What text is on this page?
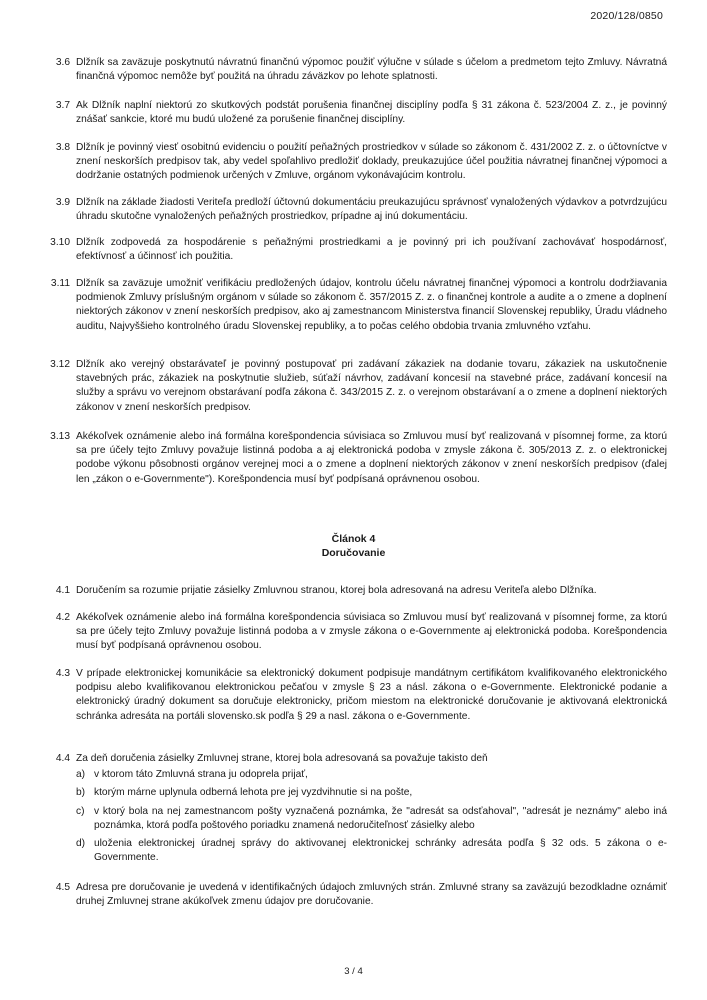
2020/128/0850
3.6 Dlžník sa zaväzuje poskytnutú návratnú finančnú výpomoc použiť výlučne v súlade s účelom a predmetom tejto Zmluvy. Návratná finančná výpomoc nemôže byť použitá na úhradu záväzkov po lehote splatnosti.
3.7 Ak Dlžník naplní niektorú zo skutkových podstát porušenia finančnej disciplíny podľa § 31 zákona č. 523/2004 Z. z., je povinný znášať sankcie, ktoré mu budú uložené za porušenie finančnej disciplíny.
3.8 Dlžník je povinný viesť osobitnú evidenciu o použití peňažných prostriedkov v súlade so zákonom č. 431/2002 Z. z. o účtovníctve v znení neskorších predpisov tak, aby vedel spoľahlivo predložiť doklady, preukazujúce účel použitia návratnej finančnej výpomoci a dodržanie ostatných podmienok určených v Zmluve, orgánom vykonávajúcim kontrolu.
3.9 Dlžník na základe žiadosti Veriteľa predloží účtovnú dokumentáciu preukazujúcu správnosť vynaložených výdavkov a potvrdzujúcu úhradu skutočne vynaložených peňažných prostriedkov, prípadne aj inú dokumentáciu.
3.10 Dlžník zodpovedá za hospodárenie s peňažnými prostriedkami a je povinný pri ich používaní zachovávať hospodárnosť, efektívnosť a účinnosť ich použitia.
3.11 Dlžník sa zaväzuje umožniť verifikáciu predložených údajov, kontrolu účelu návratnej finančnej výpomoci a kontrolu dodržiavania podmienok Zmluvy príslušným orgánom v súlade so zákonom č. 357/2015 Z. z. o finančnej kontrole a audite a o zmene a doplnení niektorých zákonov v znení neskorších predpisov, ako aj zamestnancom Ministerstva financií Slovenskej republiky, Úradu vládneho auditu, Najvyššieho kontrolného úradu Slovenskej republiky, a to počas celého obdobia trvania zmluvného vzťahu.
3.12 Dlžník ako verejný obstarávateľ je povinný postupovať pri zadávaní zákaziek na dodanie tovaru, zákaziek na uskutočnenie stavebných prác, zákaziek na poskytnutie služieb, súťaží návrhov, zadávaní koncesií na stavebné práce, zadávaní koncesií na služby a správu vo verejnom obstarávaní podľa zákona č. 343/2015 Z. z. o verejnom obstarávaní a o zmene a doplnení niektorých zákonov v znení neskorších predpisov.
3.13 Akékoľvek oznámenie alebo iná formálna korešpondencia súvisiaca so Zmluvou musí byť realizovaná v písomnej forme, za ktorú sa pre účely tejto Zmluvy považuje listinná podoba a aj elektronická podoba v zmysle zákona č. 305/2013 Z. z. o elektronickej podobe výkonu pôsobnosti orgánov verejnej moci a o zmene a doplnení niektorých zákonov v znení neskorších predpisov (ďalej len „zákon o e-Governmente"). Korešpondencia musí byť podpísaná oprávnenou osobou.
Článok 4
Doručovanie
4.1 Doručením sa rozumie prijatie zásielky Zmluvnou stranou, ktorej bola adresovaná na adresu Veriteľa alebo Dlžníka.
4.2 Akékoľvek oznámenie alebo iná formálna korešpondencia súvisiaca so Zmluvou musí byť realizovaná v písomnej forme, za ktorú sa pre účely tejto Zmluvy považuje listinná podoba a v zmysle zákona o e-Governmente aj elektronická podoba. Korešpondencia musí byť podpísaná oprávnenou osobou.
4.3 V prípade elektronickej komunikácie sa elektronický dokument podpisuje mandátnym certifikátom kvalifikovaného elektronického podpisu alebo kvalifikovanou elektronickou pečaťou v zmysle § 23 a násl. zákona o e-Governmente. Elektronické podanie a elektronický úradný dokument sa doručuje elektronicky, pričom miestom na elektronické doručovanie je aktivovaná elektronická schránka adresáta na portáli slovensko.sk podľa § 29 a nasl. zákona o e-Governmente.
4.4 Za deň doručenia zásielky Zmluvnej strane, ktorej bola adresovaná sa považuje takisto deň
a) v ktorom táto Zmluvná strana ju odoprela prijať,
b) ktorým márne uplynula odberná lehota pre jej vyzdvihnutie si na pošte,
c) v ktorý bola na nej zamestnancom pošty vyznačená poznámka, že "adresát sa odsťahoval", "adresát je neznámy" alebo iná poznámka, ktorá podľa poštového poriadku znamená nedoručiteľnosť zásielky alebo
d) uloženia elektronickej úradnej správy do aktivovanej elektronickej schránky adresáta podľa § 32 ods. 5 zákona o e-Governmente.
4.5 Adresa pre doručovanie je uvedená v identifikačných údajoch zmluvných strán. Zmluvné strany sa zaväzujú bezodkladne oznámiť druhej Zmluvnej strane akúkoľvek zmenu údajov pre doručovanie.
3 / 4
